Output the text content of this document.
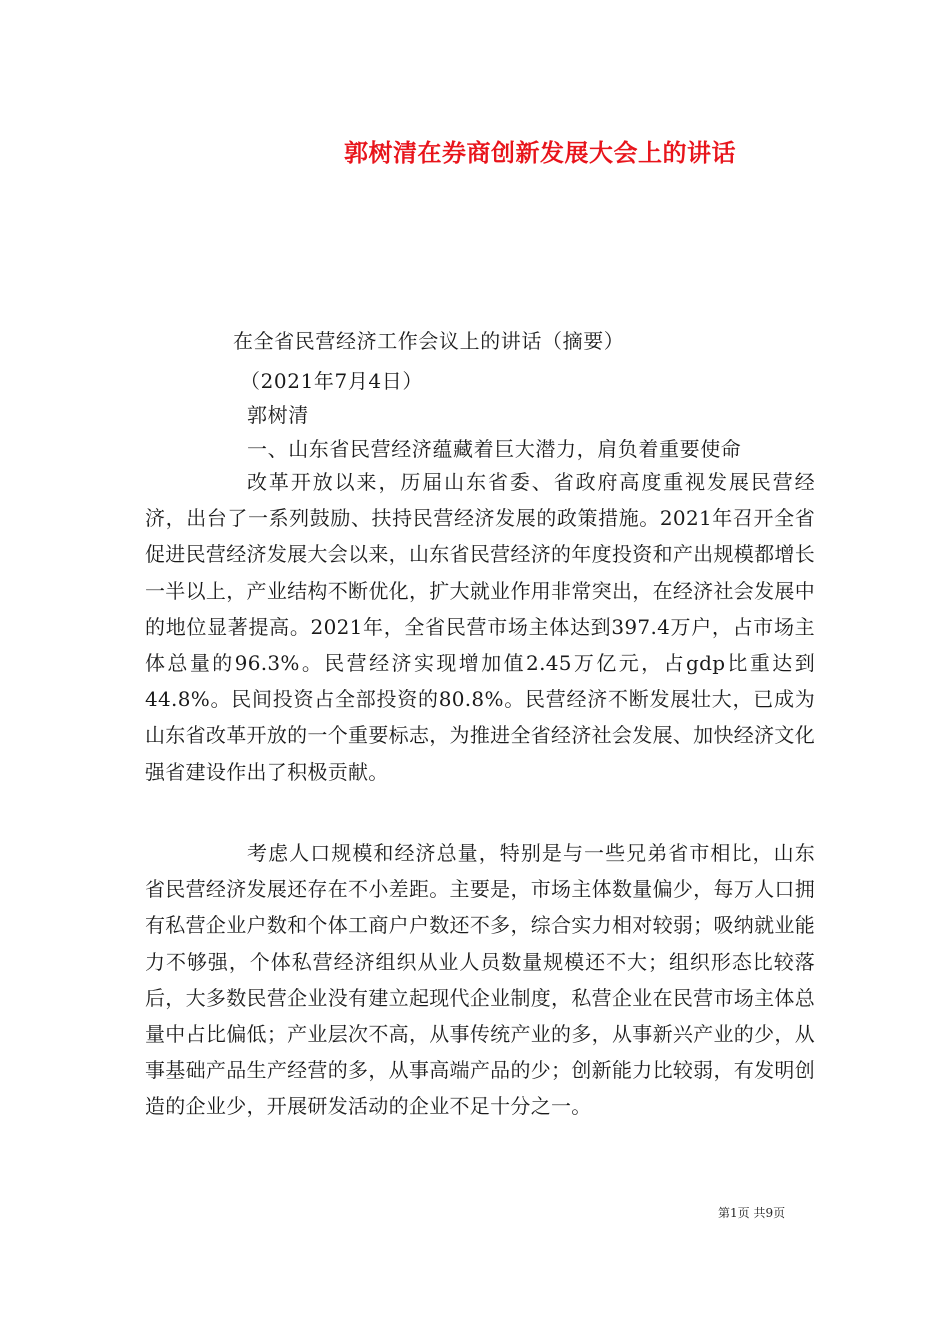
郭树清在券商创新发展大会上的讲话
在全省民营经济工作会议上的讲话（摘要）
（2021年7月4日）
郭树清
一、山东省民营经济蕴藏着巨大潜力，肩负着重要使命
改革开放以来，历届山东省委、省政府高度重视发展民营经济，出台了一系列鼓励、扶持民营经济发展的政策措施。2021年召开全省促进民营经济发展大会以来，山东省民营经济的年度投资和产出规模都增长一半以上，产业结构不断优化，扩大就业作用非常突出，在经济社会发展中的地位显著提高。2021年，全省民营市场主体达到397.4万户，占市场主体总量的96.3%。民营经济实现增加值2.45万亿元，占gdp比重达到44.8%。民间投资占全部投资的80.8%。民营经济不断发展壮大，已成为山东省改革开放的一个重要标志，为推进全省经济社会发展、加快经济文化强省建设作出了积极贡献。
考虑人口规模和经济总量，特别是与一些兄弟省市相比，山东省民营经济发展还存在不小差距。主要是，市场主体数量偏少，每万人口拥有私营企业户数和个体工商户户数还不多，综合实力相对较弱；吸纳就业能力不够强，个体私营经济组织从业人员数量规模还不大；组织形态比较落后，大多数民营企业没有建立起现代企业制度，私营企业在民营市场主体总量中占比偏低；产业层次不高，从事传统产业的多，从事新兴产业的少，从事基础产品生产经营的多，从事高端产品的少；创新能力比较弱，有发明创造的企业少，开展研发活动的企业不足十分之一。
第1页 共9页
